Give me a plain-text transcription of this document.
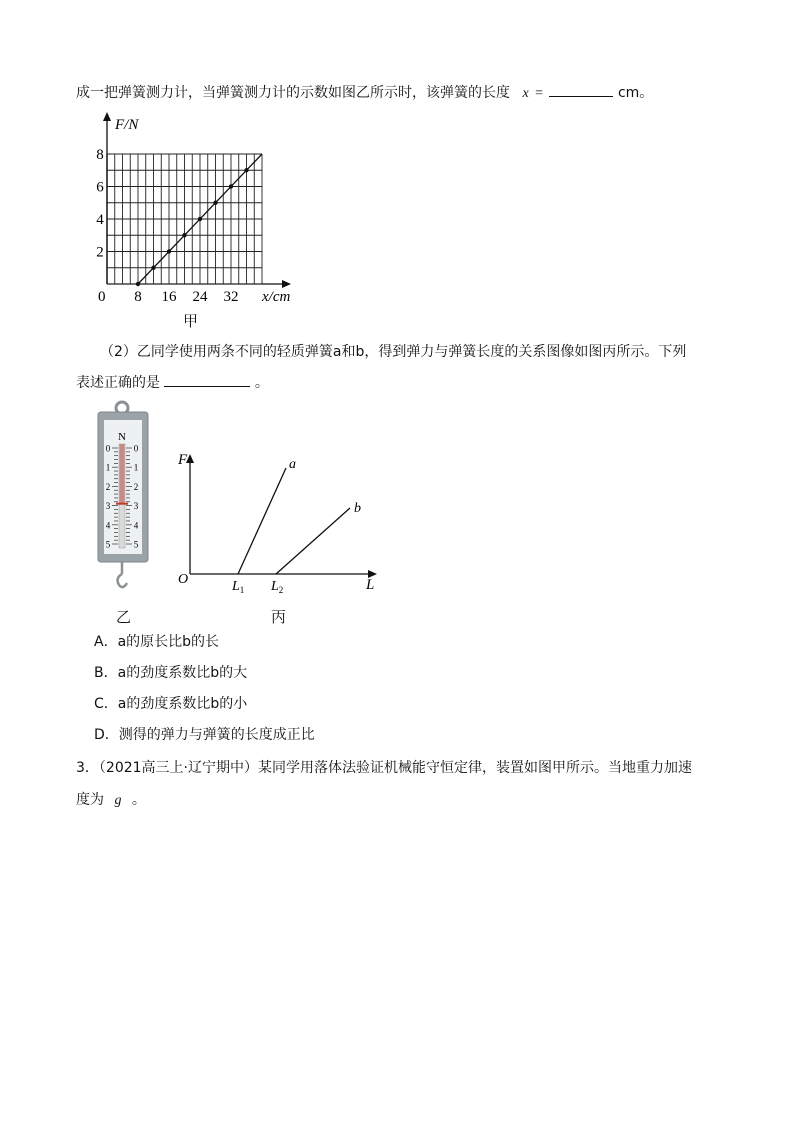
成一把弹簧测力计，当弹簧测力计的示数如图乙所示时，该弹簧的长度 x =	cm。
8 16 24 32
2
4
6
8
F/N
x/cm
0
甲
（2）乙同学使用两条不同的轻质弹簧a和b，得到弹力与弹簧长度的关系图像如图丙所示。下列
表述正确的是	。
N
0	0
1	1
2	2
3	3
4	4
5	5
乙
F
L
O	$L_1$ $L_2$
a
b
丙
A．a的原长比b的长
B．a的劲度系数比b的大
C．a的劲度系数比b的小
D．测得的弹力与弹簧的长度成正比
3．（2021高三上·辽宁期中）某同学用落体法验证机械能守恒定律，装置如图甲所示。当地重力加速
度为 g 。
